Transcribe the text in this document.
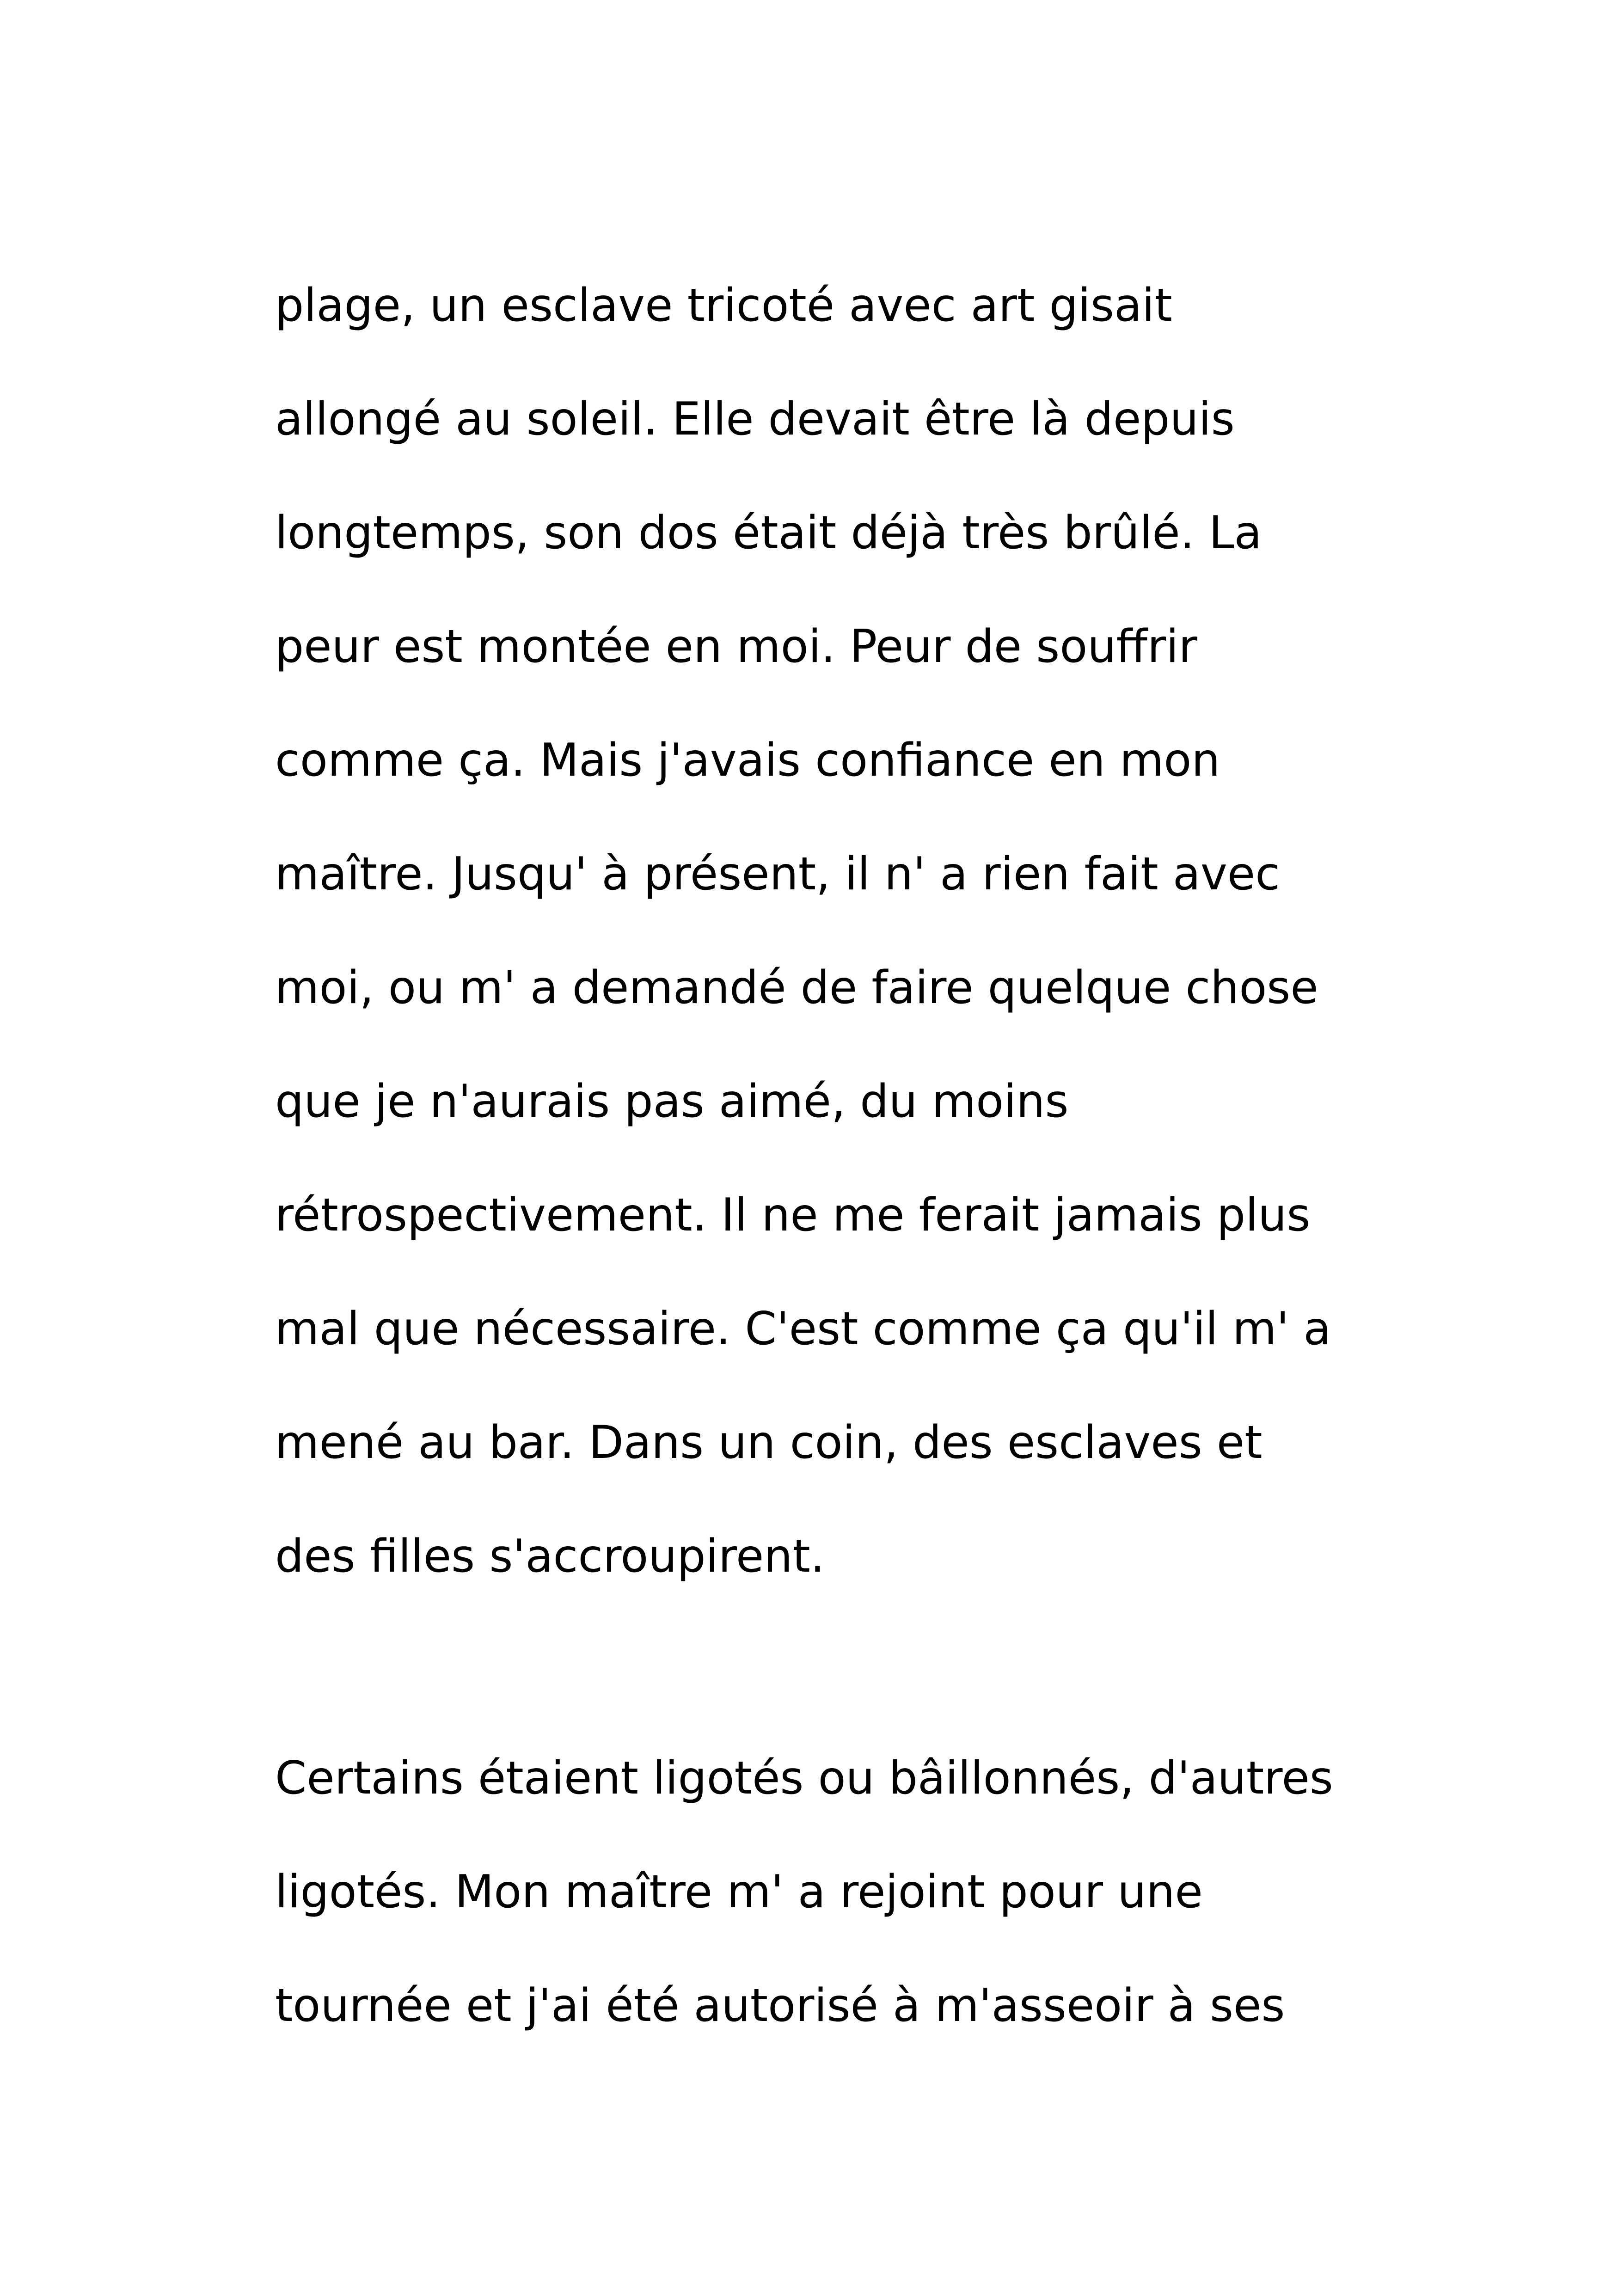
plage, un esclave tricoté avec art gisait
allongé au soleil. Elle devait être là depuis
longtemps, son dos était déjà très brûlé. La
peur est montée en moi. Peur de souffrir
comme ça. Mais j'avais confiance en mon
maître. Jusqu' à présent, il n' a rien fait avec
moi, ou m' a demandé de faire quelque chose
que je n'aurais pas aimé, du moins
rétrospectivement. Il ne me ferait jamais plus
mal que nécessaire. C'est comme ça qu'il m' a
mené au bar. Dans un coin, des esclaves et
des filles s'accroupirent.
Certains étaient ligotés ou bâillonnés, d'autres
ligotés. Mon maître m' a rejoint pour une
tournée et j'ai été autorisé à m'asseoir à ses
